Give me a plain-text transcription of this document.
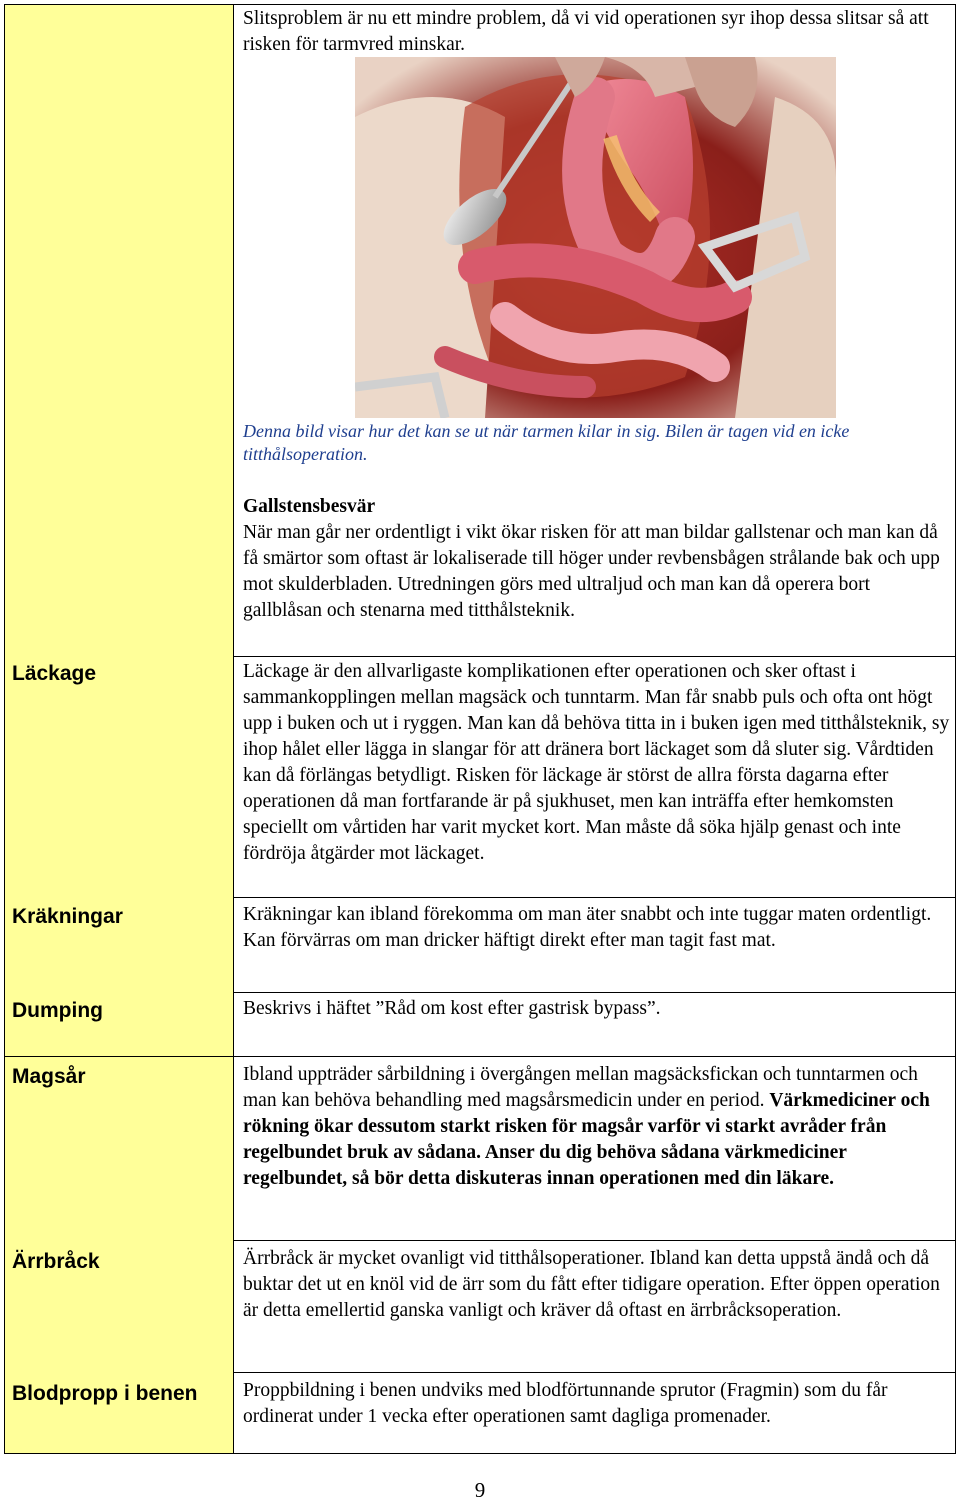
Slitsproblem är nu ett mindre problem, då vi vid operationen syr ihop dessa slitsar så att risken för tarmvred minskar.
Denna bild visar hur det kan se ut när tarmen kilar in sig. Bilen är tagen vid en icke titthålsoperation.
Gallstensbesvär
När man går ner ordentligt i vikt ökar risken för att man bildar gallstenar och man kan då få smärtor som oftast är lokaliserade till höger under revbensbågen strålande bak och upp mot skulderbladen. Utredningen görs med ultraljud och man kan då operera bort gallblåsan och stenarna med titthålsteknik.
Läckage	Läckage är den allvarligaste komplikationen efter operationen och sker oftast i sammankopplingen mellan magsäck och tunntarm. Man får snabb puls och ofta ont högt upp i buken och ut i ryggen. Man kan då behöva titta in i buken igen med titthålsteknik, sy ihop hålet eller lägga in slangar för att dränera bort läckaget som då sluter sig. Vårdtiden kan då förlängas betydligt. Risken för läckage är störst de allra första dagarna efter operationen då man fortfarande är på sjukhuset, men kan inträffa efter hemkomsten speciellt om vårtiden har varit mycket kort. Man måste då söka hjälp genast och inte fördröja åtgärder mot läckaget.
Kräkningar	Kräkningar kan ibland förekomma om man äter snabbt och inte tuggar maten ordentligt. Kan förvärras om man dricker häftigt direkt efter man tagit fast mat.
Dumping	Beskrivs i häftet ”Råd om kost efter gastrisk bypass”.
Magsår	Ibland uppträder sårbildning i övergången mellan magsäcksfickan och tunntarmen och man kan behöva behandling med magsårsmedicin under en period. Värkmediciner och rökning ökar dessutom starkt risken för magsår varför vi starkt avråder från regelbundet bruk av sådana. Anser du dig behöva sådana värkmediciner regelbundet, så bör detta diskuteras innan operationen med din läkare.
Ärrbråck	Ärrbråck är mycket ovanligt vid titthålsoperationer. Ibland kan detta uppstå ändå och då buktar det ut en knöl vid de ärr som du fått efter tidigare operation. Efter öppen operation är detta emellertid ganska vanligt och kräver då oftast en ärrbråcksoperation.
Blodpropp i benen Proppbildning i benen undviks med blodförtunnande sprutor (Fragmin) som du får ordinerat under 1 vecka efter operationen samt dagliga promenader.
9
